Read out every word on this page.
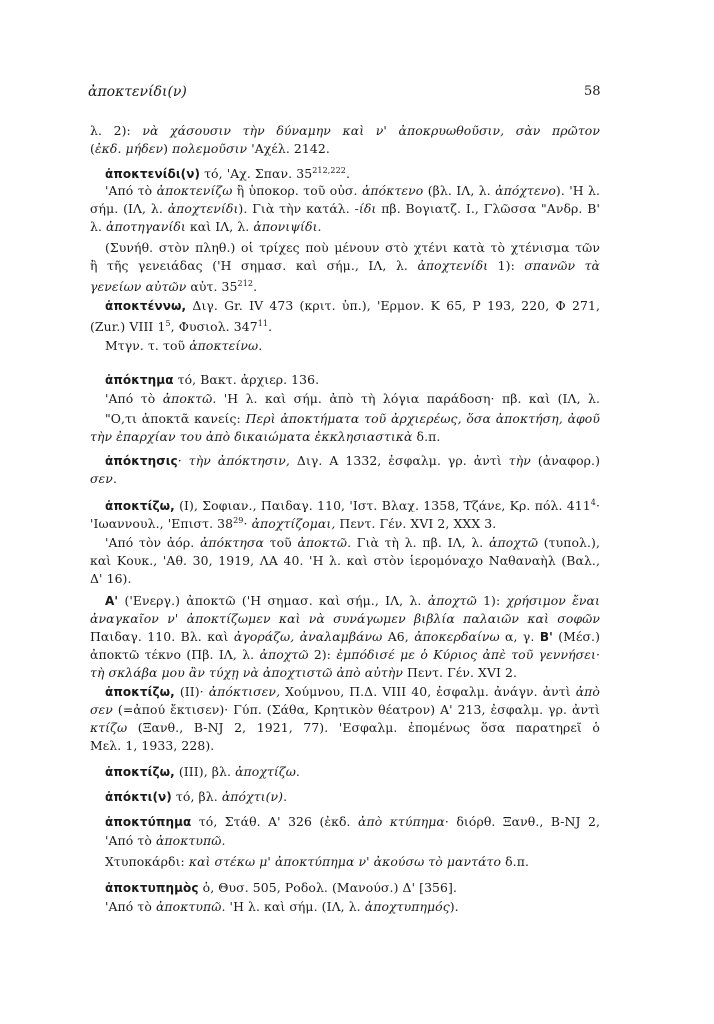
ἀποκτενίδι(ν)	58
λ. 2): νὰ χάσουσιν τὴν δύναμην καὶ ν' ἀποκρυωθοῦσιν, σὰν πρῶτον
(ἐκδ. μήδεν) πολεμοῦσιν 'Αχέλ. 2142.
ἀποκτενίδι(ν) τό, 'Αχ. Σπαν. 35$^{212,222}$.
'Από τὸ ἀποκτενίζω ἢ ὑποκορ. τοῦ οὐσ. ἀπόκτενο (βλ. ΙΛ, λ. ἀπόχτενο). 'Η λ.
σήμ. (ΙΛ, λ. ἀποχτενίδι). Γιὰ τὴν κατάλ. -ίδι πβ. Βογιατζ. Ι., Γλῶσσα "Ανδρ. Β'
λ. ἀποτηγανίδι καὶ ΙΛ, λ. ἀπονιψίδι.
(Συνήθ. στὸν πληθ.) οἱ τρίχες ποὺ μένουν στὸ χτένι κατὰ τὸ χτένισμα τῶν
ἢ τῆς γενειάδας ('Η σημασ. καὶ σήμ., ΙΛ, λ. ἀποχτενίδι 1): σπανῶν τὰ
γενείων αὐτῶν αὐτ. $35^{212}$.
ἀποκτέννω, Διγ. Gr. IV 473 (κριτ. ὑπ.), 'Ερμον. Κ 65, Ρ 193, 220, Φ 271,
(Zur.) VIII $1^5$, Φυσιολ. $347^{11}$.
Μτγν. τ. τοῦ ἀποκτείνω.
ἀπόκτημα τό, Βακτ. ἀρχιερ. 136.
'Από τὸ ἀποκτῶ. 'Η λ. καὶ σήμ. ἀπὸ τὴ λόγια παράδοση· πβ. καὶ (ΙΛ, λ.
"Ο,τι ἀποκτᾶ κανείς: Περὶ ἀποκτήματα τοῦ ἀρχιερέως, ὅσα ἀποκτήση, ἀφοῦ
τὴν ἐπαρχίαν του ἀπὸ δικαιώματα ἐκκλησιαστικὰ δ.π.
ἀπόκτησις· τὴν ἀπόκτησιν, Διγ. Α 1332, ἐσφαλμ. γρ. ἀντὶ τὴν (ἀναφορ.)
σεν.
ἀποκτίζω, (Ι), Σοφιαν., Παιδαγ. 110, 'Ιστ. Βλαχ. 1358, Τζάνε, Κρ. πόλ. $411^4\cdot$
'Ιωαννουλ., 'Επιστ. $38^{29}\cdot$ ἀποχτίζομαι, Πεντ. Γέν. XVI 2, XXX 3.
'Από τὸν ἀόρ. ἀπόκτησα τοῦ ἀποκτῶ. Γιὰ τὴ λ. πβ. ΙΛ, λ. ἀποχτῶ (τυπολ.),
καὶ Κουκ., 'Αθ. 30, 1919, ΛΑ 40. 'Η λ. καὶ στὸν ἱερομόναχο Ναθαναὴλ (Βαλ.,
Δ' 16).
Α' ('Ενεργ.) ἀποκτῶ ('Η σημασ. καὶ σήμ., ΙΛ, λ. ἀποχτῶ 1): χρήσιμον ἔναι
ἀναγκαῖον ν' ἀποκτίζωμεν καὶ νὰ συνάγωμεν βιβλία παλαιῶν καὶ σοφῶν
Παιδαγ. 110. Βλ. καὶ ἀγοράζω, ἀναλαμβάνω Α6, ἀποκερδαίνω α, γ. Β' (Μέσ.)
ἀποκτῶ τέκνο (Πβ. ΙΛ, λ. ἀποχτῶ 2): ἐμπόδισέ με ὁ Κύριος ἀπὲ τοῦ γεννήσει·
τὴ σκλάβα μου ἂν τύχῃ νὰ ἀποχτιστῶ ἀπὸ αὐτὴν Πεντ. Γέν. XVI 2.
ἀποκτίζω, (II)· ἀπόκτισεν, Χούμνου, Π.Δ. VIII 40, ἐσφαλμ. ἀνάγν. ἀντὶ ἀπὸ
σεν (=ἀπού ἔκτισεν)· Γύπ. (Σάθα, Κρητικὸν θέατρον) Α' 213, ἐσφαλμ. γρ. ἀντὶ
κτίζω (Ξανθ., B-NJ 2, 1921, 77). 'Εσφαλμ. ἐπομένως ὅσα παρατηρεῖ ὁ
Μελ. 1, 1933, 228).
ἀποκτίζω, (III), βλ. ἀποχτίζω.
ἀπόκτι(ν) τό, βλ. ἀπόχτι(ν).
ἀποκτύπημα τό, Στάθ. Α' 326 (ἐκδ. ἀπὸ κτύπημα· διόρθ. Ξανθ., B-NJ 2,
'Από τὸ ἀποκτυπῶ.
Χτυποκάρδι: καὶ στέκω μ' ἀποκτύπημα ν' ἀκούσω τὸ μαντάτο δ.π.
ἀποκτυπημὸς ὁ, Θυσ. 505, Ροδολ. (Μανούσ.) Δ' [356].
'Από τὸ ἀποκτυπῶ. 'Η λ. καὶ σήμ. (ΙΛ, λ. ἀποχτυπημός).
